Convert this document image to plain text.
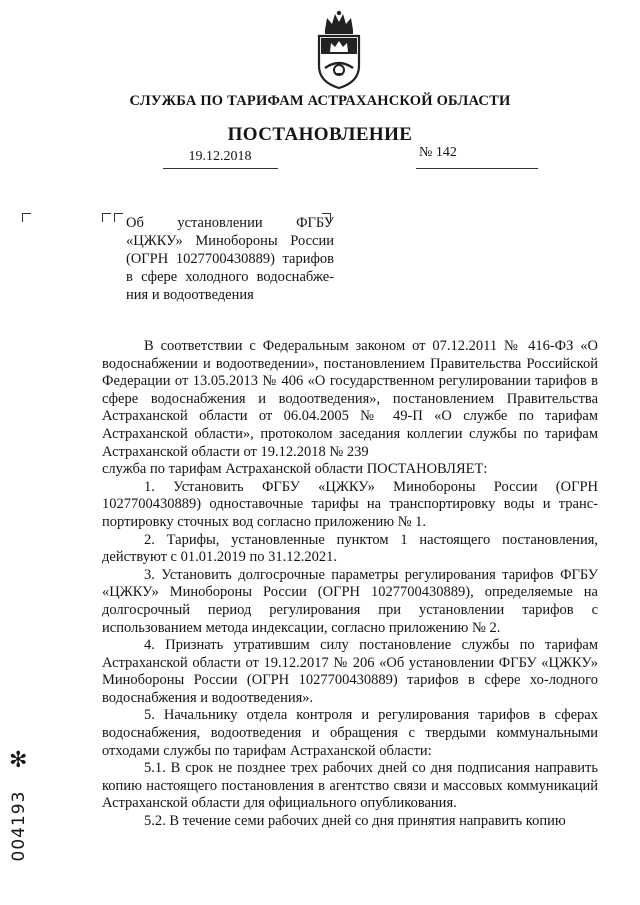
СЛУЖБА ПО ТАРИФАМ АСТРАХАНСКОЙ ОБЛАСТИ
ПОСТАНОВЛЕНИЕ
19.12.2018	№ 142
Об установлении ФГБУ «ЦЖКУ» Минобороны России (ОГРН 1027700430889) тарифов в сфере холодного водоснабже-ния и водоотведения

В соответствии с Федеральным законом от 07.12.2011 № 416-ФЗ «О водоснабжении и водоотведении», постановлением Правительства Российской Федерации от 13.05.2013 № 406 «О государственном регулировании тарифов в сфере водоснабжения и водоотведения», постановлением Правительства Астраханской области от 06.04.2005 № 49-П «О службе по тарифам Астраханской области», протоколом заседания коллегии службы по тарифам Астраханской области от 19.12.2018 № 239

служба по тарифам Астраханской области ПОСТАНОВЛЯЕТ:

1. Установить ФГБУ «ЦЖКУ» Минобороны России (ОГРН 1027700430889) одноставочные тарифы на транспортировку воды и транс-портировку сточных вод согласно приложению № 1.

2. Тарифы, установленные пунктом 1 настоящего постановления, действуют с 01.01.2019 по 31.12.2021.

3. Установить долгосрочные параметры регулирования тарифов ФГБУ «ЦЖКУ» Минобороны России (ОГРН 1027700430889), определяемые на долгосрочный период регулирования при установлении тарифов с использованием метода индексации, согласно приложению № 2.

4. Признать утратившим силу постановление службы по тарифам Астраханской области от 19.12.2017 № 206 «Об установлении ФГБУ «ЦЖКУ» Минобороны России (ОГРН 1027700430889) тарифов в сфере хо-лодного водоснабжения и водоотведения».

5. Начальнику отдела контроля и регулирования тарифов в сферах водоснабжения, водоотведения и обращения с твердыми коммунальными отходами службы по тарифам Астраханской области:

5.1. В срок не позднее трех рабочих дней со дня подписания направить копию настоящего постановления в агентство связи и массовых коммуникаций Астраханской области для официального опубликования.

5.2. В течение семи рабочих дней со дня принятия направить копию

✻
004193
